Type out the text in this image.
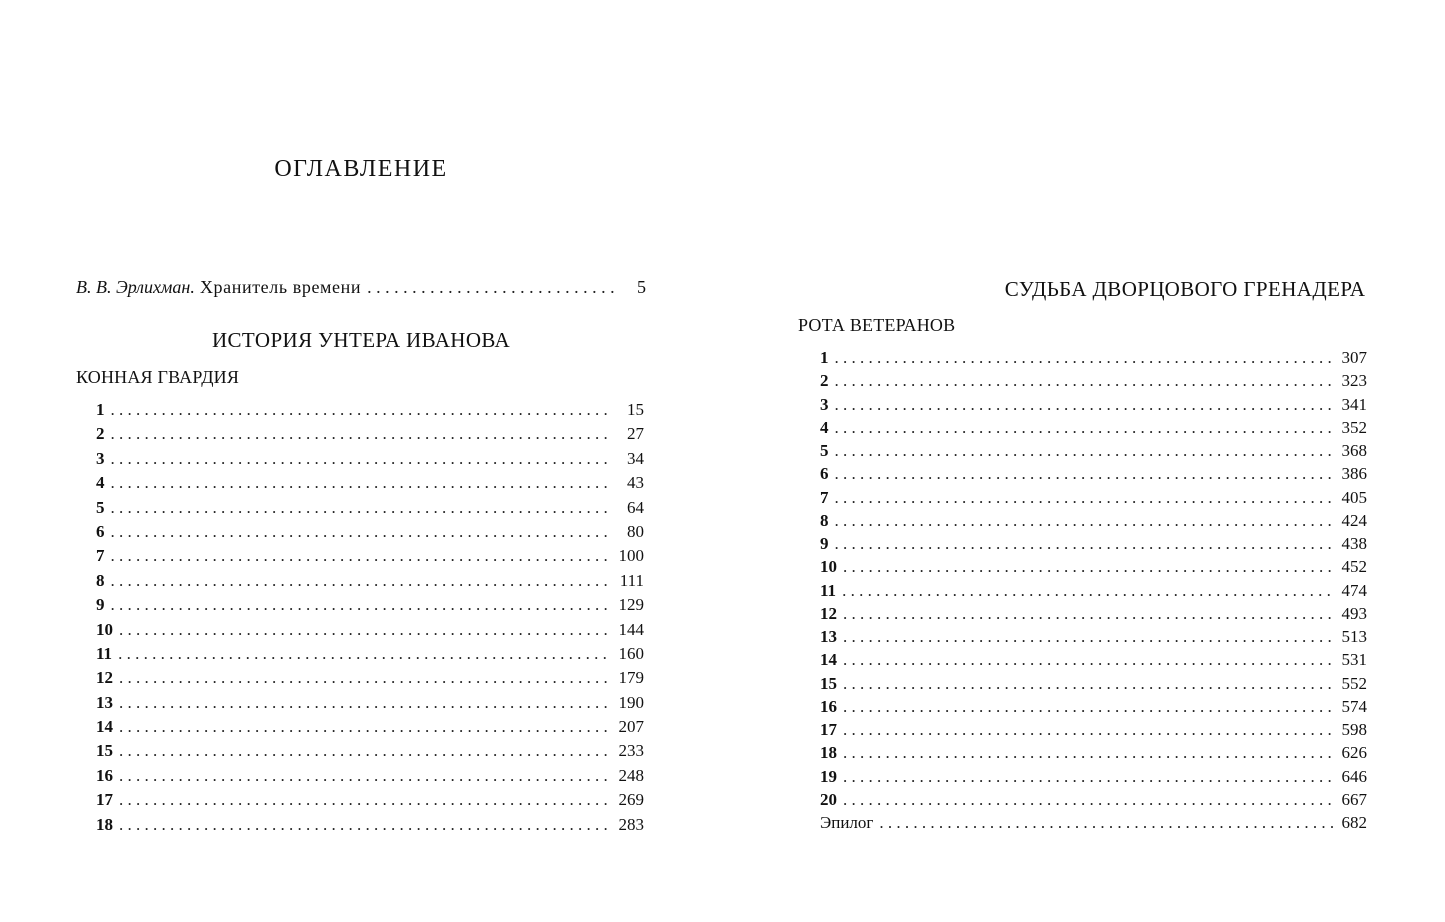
ОГЛАВЛЕНИЕ
В. В. Эрлихман. Хранитель времени . . .	5
ИСТОРИЯ УНТЕРА ИВАНОВА
КОННАЯ ГВАРДИЯ
1 . . .	15
2 . . .	27
3 . . .	34
4 . . .	43
5 . . .	64
6 . . .	80
7 . . .	100
8 . . .	111
9 . . .	129
10 . . .	144
11 . . .	160
12 . . .	179
13 . . .	190
14 . . .	207
15 . . .	233
16 . . .	248
17 . . .	269
18 . . .	283
СУДЬБА ДВОРЦОВОГО ГРЕНАДЕРА
РОТА ВЕТЕРАНОВ
1 . . .	307
2 . . .	323
3 . . .	341
4 . . .	352
5 . . .	368
6 . . .	386
7 . . .	405
8 . . .	424
9 . . .	438
10 . . .	452
11 . . .	474
12 . . .	493
13 . . .	513
14 . . .	531
15 . . .	552
16 . . .	574
17 . . .	598
18 . . .	626
19 . . .	646
20 . . .	667
Эпилог . . .	682
